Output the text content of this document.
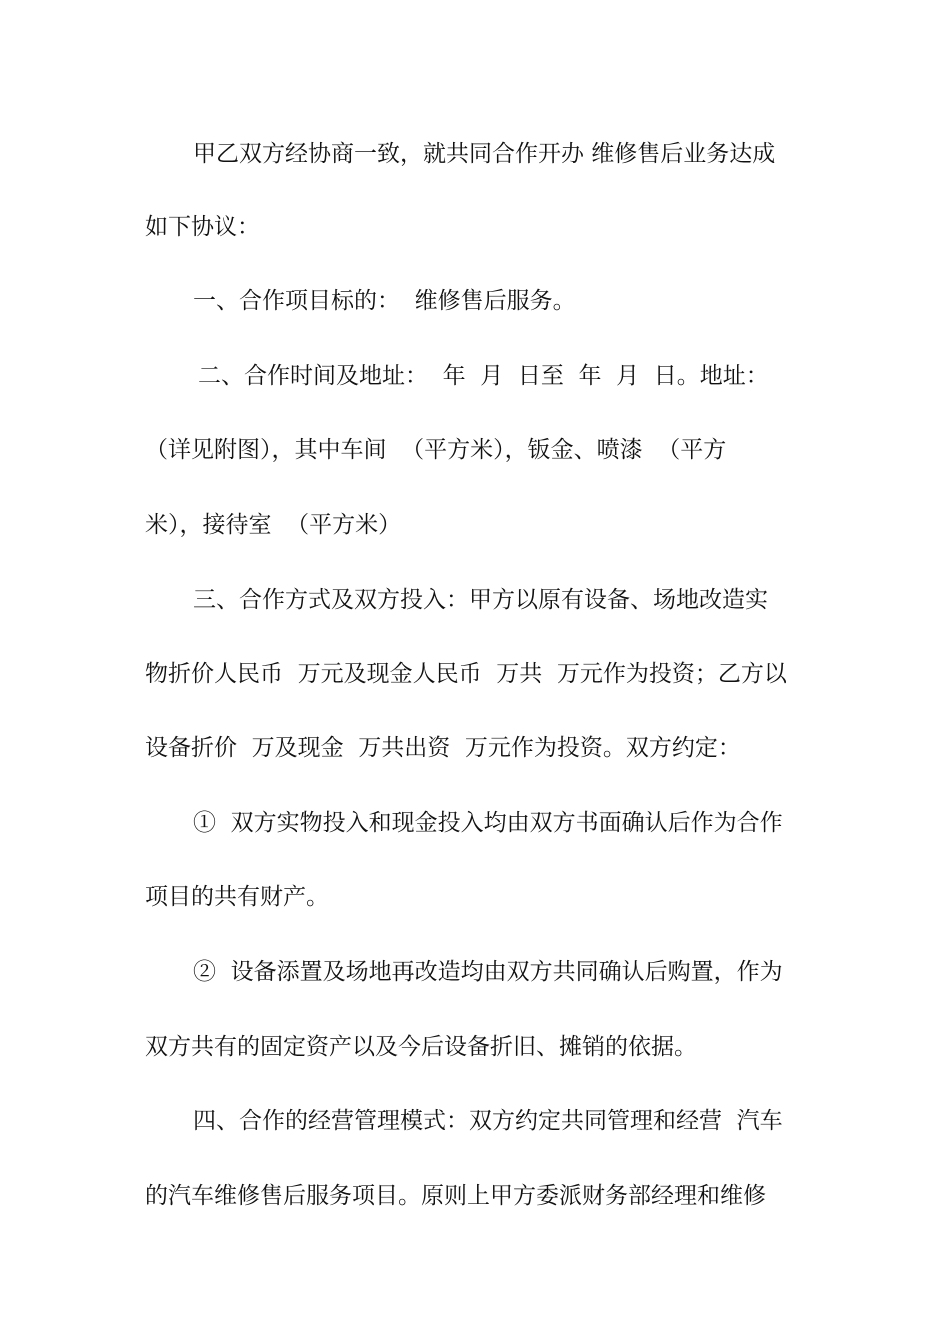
甲乙双方经协商一致，就共同合作开办 维修售后业务达成
如下协议：
一、合作项目标的：  维修售后服务。
二、合作时间及地址：  年  月  日至  年  月  日。地址：
（详见附图），其中车间  （平方米），钣金、喷漆  （平方
米），接待室  （平方米）
三、合作方式及双方投入：甲方以原有设备、场地改造实
物折价人民币  万元及现金人民币  万共  万元作为投资；乙方以
设备折价  万及现金  万共出资  万元作为投资。双方约定：
①  双方实物投入和现金投入均由双方书面确认后作为合作
项目的共有财产。
②  设备添置及场地再改造均由双方共同确认后购置，作为
双方共有的固定资产以及今后设备折旧、摊销的依据。
四、合作的经营管理模式：双方约定共同管理和经营  汽车
的汽车维修售后服务项目。原则上甲方委派财务部经理和维修
